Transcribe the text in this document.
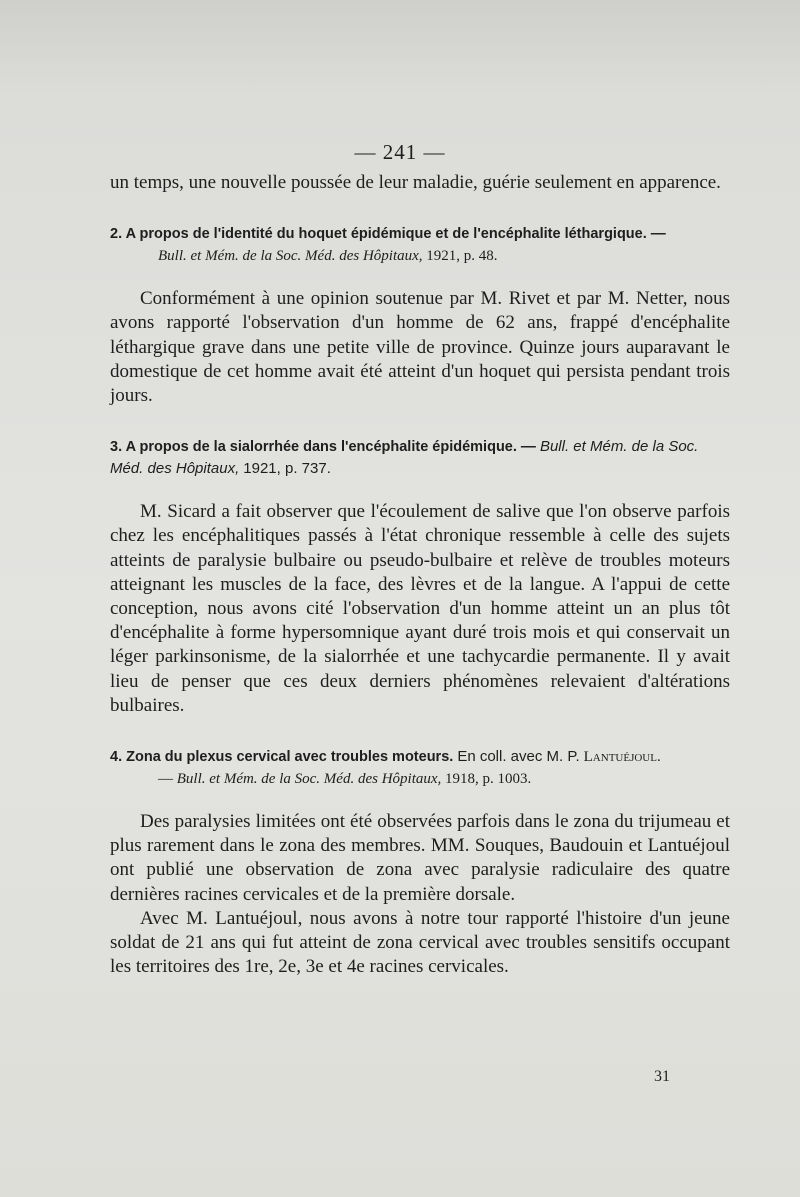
— 241 —

un temps, une nouvelle poussée de leur maladie, guérie seulement en apparence.

2. A propos de l'identité du hoquet épidémique et de l'encéphalite léthargique. —

Bull. et Mém. de la Soc. Méd. des Hôpitaux, 1921, p. 48.

Conformément à une opinion soutenue par M. Rivet et par M. Netter, nous avons rapporté l'observation d'un homme de 62 ans, frappé d'encéphalite léthargique grave dans une petite ville de province. Quinze jours auparavant le domestique de cet homme avait été atteint d'un hoquet qui persista pendant trois jours.

3. A propos de la sialorrhée dans l'encéphalite épidémique. — Bull. et Mém. de la Soc. Méd. des Hôpitaux, 1921, p. 737.

M. Sicard a fait observer que l'écoulement de salive que l'on observe parfois chez les encéphalitiques passés à l'état chronique ressemble à celle des sujets atteints de paralysie bulbaire ou pseudo-bulbaire et relève de troubles moteurs atteignant les muscles de la face, des lèvres et de la langue. A l'appui de cette conception, nous avons cité l'observation d'un homme atteint un an plus tôt d'encéphalite à forme hypersomnique ayant duré trois mois et qui conservait un léger parkinsonisme, de la sialorrhée et une tachycardie permanente. Il y avait lieu de penser que ces deux derniers phénomènes relevaient d'altérations bulbaires.

4. Zona du plexus cervical avec troubles moteurs. En coll. avec M. P. Lantuéjoul.

— Bull. et Mém. de la Soc. Méd. des Hôpitaux, 1918, p. 1003.

Des paralysies limitées ont été observées parfois dans le zona du trijumeau et plus rarement dans le zona des membres. MM. Souques, Baudouin et Lantuéjoul ont publié une observation de zona avec paralysie radiculaire des quatre dernières racines cervicales et de la première dorsale.

Avec M. Lantuéjoul, nous avons à notre tour rapporté l'histoire d'un jeune soldat de 21 ans qui fut atteint de zona cervical avec troubles sensitifs occupant les territoires des 1re, 2e, 3e et 4e racines cervicales.

31
